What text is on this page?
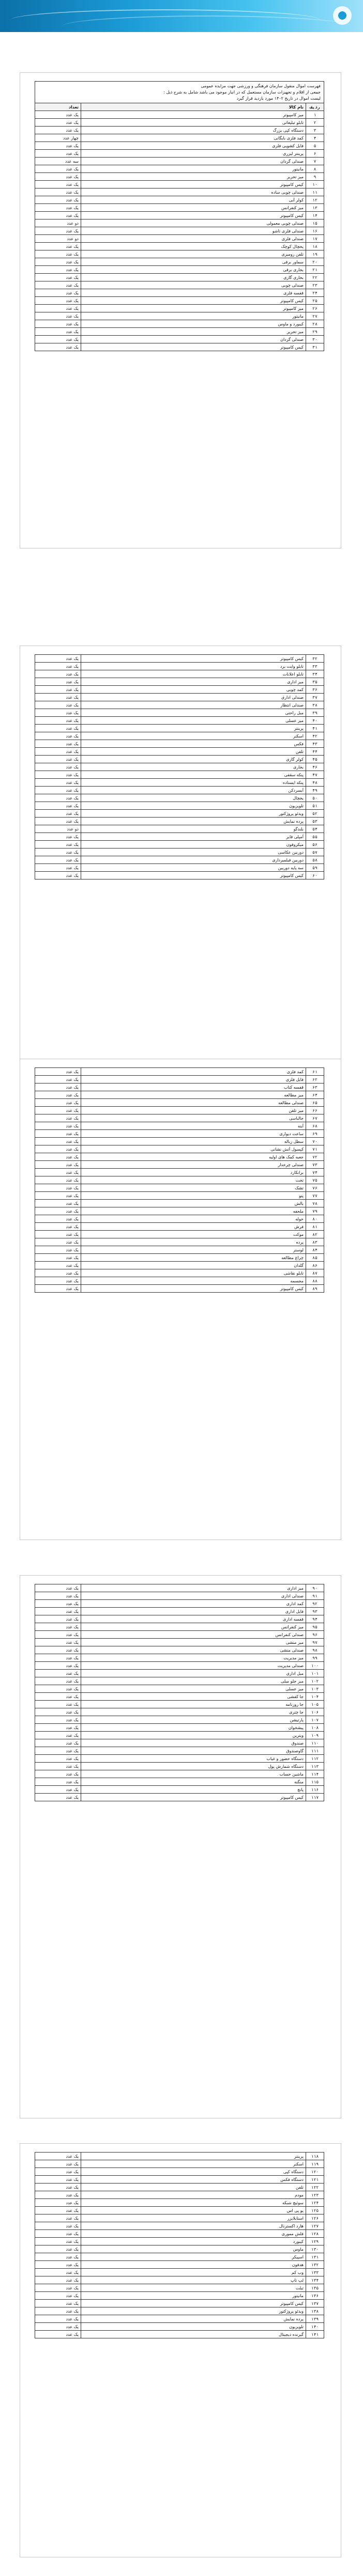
فهرست اموال منقول سازمان فرهنگی و ورزشی جهت مزایده عمومی
جمعی از اقلام و تجهیزات سازمان مستعمل که در انبار موجود می باشد شامل به شرح ذیل :
لیست اموال در تاریخ ۱۴۰۲ مورد بازدید قرار گیرد
ردیف	نام کالا	تعداد
۱	میز کامپیوتر	یک عدد
۲	تابلو تبلیغاتی	یک عدد
۳	دستگاه کپی بزرگ	یک عدد
۴	کمد فلزی بایگانی	چهار عدد
۵	فایل کشویی فلزی	یک عدد
۶	پرینتر لیزری	یک عدد
۷	صندلی گردان	سه عدد
۸	مانیتور	یک عدد
۹	میز تحریر	یک عدد
۱۰	کیس کامپیوتر	یک عدد
۱۱	صندلی چوبی ساده	یک عدد
۱۲	کولر آبی	یک عدد
۱۳	میز کنفرانس	یک عدد
۱۴	کیس کامپیوتر	یک عدد
۱۵	صندلی چوبی معمولی	دو عدد
۱۶	صندلی فلزی تاشو	یک عدد
۱۷	صندلی فلزی	دو عدد
۱۸	یخچال کوچک	یک عدد
۱۹	تلفن رومیزی	یک عدد
۲۰	سماور برقی	یک عدد
۲۱	بخاری برقی	یک عدد
۲۲	بخاری گازی	یک عدد
۲۳	صندلی چوبی	یک عدد
۲۴	قفسه فلزی	یک عدد
۲۵	کیس کامپیوتر	یک عدد
۲۶	میز کامپیوتر	یک عدد
۲۷	مانیتور	یک عدد
۲۸	کیبورد و ماوس	یک عدد
۲۹	میز تحریر	یک عدد
۳۰	صندلی گردان	یک عدد
۳۱	کیس کامپیوتر	یک عدد
۳۲	کیس کامپیوتر	یک عدد
۳۳	تابلو وایت برد	یک عدد
۳۴	تابلو اعلانات	یک عدد
۳۵	میز اداری	یک عدد
۳۶	کمد چوبی	یک عدد
۳۷	صندلی اداری	یک عدد
۳۸	صندلی انتظار	یک عدد
۳۹	مبل راحتی	یک عدد
۴۰	میز عسلی	یک عدد
۴۱	پرینتر	یک عدد
۴۲	اسکنر	یک عدد
۴۳	فکس	یک عدد
۴۴	تلفن	یک عدد
۴۵	کولر گازی	یک عدد
۴۶	بخاری	یک عدد
۴۷	پنکه سقفی	یک عدد
۴۸	پنکه ایستاده	یک عدد
۴۹	آبسردکن	یک عدد
۵۰	یخچال	یک عدد
۵۱	تلویزیون	یک عدد
۵۲	ویدئو پروژکتور	یک عدد
۵۳	پرده نمایش	یک عدد
۵۴	بلندگو	دو عدد
۵۵	آمپلی فایر	یک عدد
۵۶	میکروفون	یک عدد
۵۷	دوربین عکاسی	یک عدد
۵۸	دوربین فیلمبرداری	یک عدد
۵۹	سه پایه دوربین	یک عدد
۶۰	کیس کامپیوتر	یک عدد
۶۱	کمد فلزی	یک عدد
۶۲	فایل فلزی	یک عدد
۶۳	قفسه کتاب	یک عدد
۶۴	میز مطالعه	یک عدد
۶۵	صندلی مطالعه	یک عدد
۶۶	میز تلفن	یک عدد
۶۷	جالباسی	یک عدد
۶۸	آینه	یک عدد
۶۹	ساعت دیواری	یک عدد
۷۰	سطل زباله	یک عدد
۷۱	کپسول آتش نشانی	یک عدد
۷۲	جعبه کمک های اولیه	یک عدد
۷۳	صندلی چرخدار	یک عدد
۷۴	برانکارد	یک عدد
۷۵	تخت	یک عدد
۷۶	تشک	یک عدد
۷۷	پتو	یک عدد
۷۸	بالش	یک عدد
۷۹	ملحفه	یک عدد
۸۰	حوله	یک عدد
۸۱	فرش	یک عدد
۸۲	موکت	یک عدد
۸۳	پرده	یک عدد
۸۴	لوستر	یک عدد
۸۵	چراغ مطالعه	یک عدد
۸۶	گلدان	یک عدد
۸۷	تابلو نقاشی	یک عدد
۸۸	مجسمه	یک عدد
۸۹	کیس کامپیوتر	یک عدد
۹۰	میز اداری	یک عدد
۹۱	صندلی اداری	یک عدد
۹۲	کمد اداری	یک عدد
۹۳	فایل اداری	یک عدد
۹۴	قفسه اداری	یک عدد
۹۵	میز کنفرانس	یک عدد
۹۶	صندلی کنفرانس	یک عدد
۹۷	میز منشی	یک عدد
۹۸	صندلی منشی	یک عدد
۹۹	میز مدیریت	یک عدد
۱۰۰	صندلی مدیریت	یک عدد
۱۰۱	مبل اداری	یک عدد
۱۰۲	میز جلو مبلی	یک عدد
۱۰۳	میز عسلی	یک عدد
۱۰۴	جا کفشی	یک عدد
۱۰۵	جا روزنامه	یک عدد
۱۰۶	جا چتری	یک عدد
۱۰۷	پارتیشن	یک عدد
۱۰۸	پیشخوان	یک عدد
۱۰۹	ویترین	یک عدد
۱۱۰	صندوق	یک عدد
۱۱۱	گاوصندوق	یک عدد
۱۱۲	دستگاه حضور و غیاب	یک عدد
۱۱۳	دستگاه شمارش پول	یک عدد
۱۱۴	ماشین حساب	یک عدد
۱۱۵	منگنه	یک عدد
۱۱۶	پانچ	یک عدد
۱۱۷	کیس کامپیوتر	یک عدد
۱۱۸	پرینتر	یک عدد
۱۱۹	اسکنر	یک عدد
۱۲۰	دستگاه کپی	یک عدد
۱۲۱	دستگاه فکس	یک عدد
۱۲۲	تلفن	یک عدد
۱۲۳	مودم	یک عدد
۱۲۴	سوئیچ شبکه	یک عدد
۱۲۵	یو پی اس	یک عدد
۱۲۶	استابلایزر	یک عدد
۱۲۷	هارد اکسترنال	یک عدد
۱۲۸	فلش مموری	یک عدد
۱۲۹	کیبورد	یک عدد
۱۳۰	ماوس	یک عدد
۱۳۱	اسپیکر	یک عدد
۱۳۲	هدفون	یک عدد
۱۳۳	وب کم	یک عدد
۱۳۴	لپ تاپ	یک عدد
۱۳۵	تبلت	یک عدد
۱۳۶	مانیتور	یک عدد
۱۳۷	کیس کامپیوتر	یک عدد
۱۳۸	ویدئو پروژکتور	یک عدد
۱۳۹	پرده نمایش	یک عدد
۱۴۰	تلویزیون	یک عدد
۱۴۱	گیرنده دیجیتال	یک عدد
